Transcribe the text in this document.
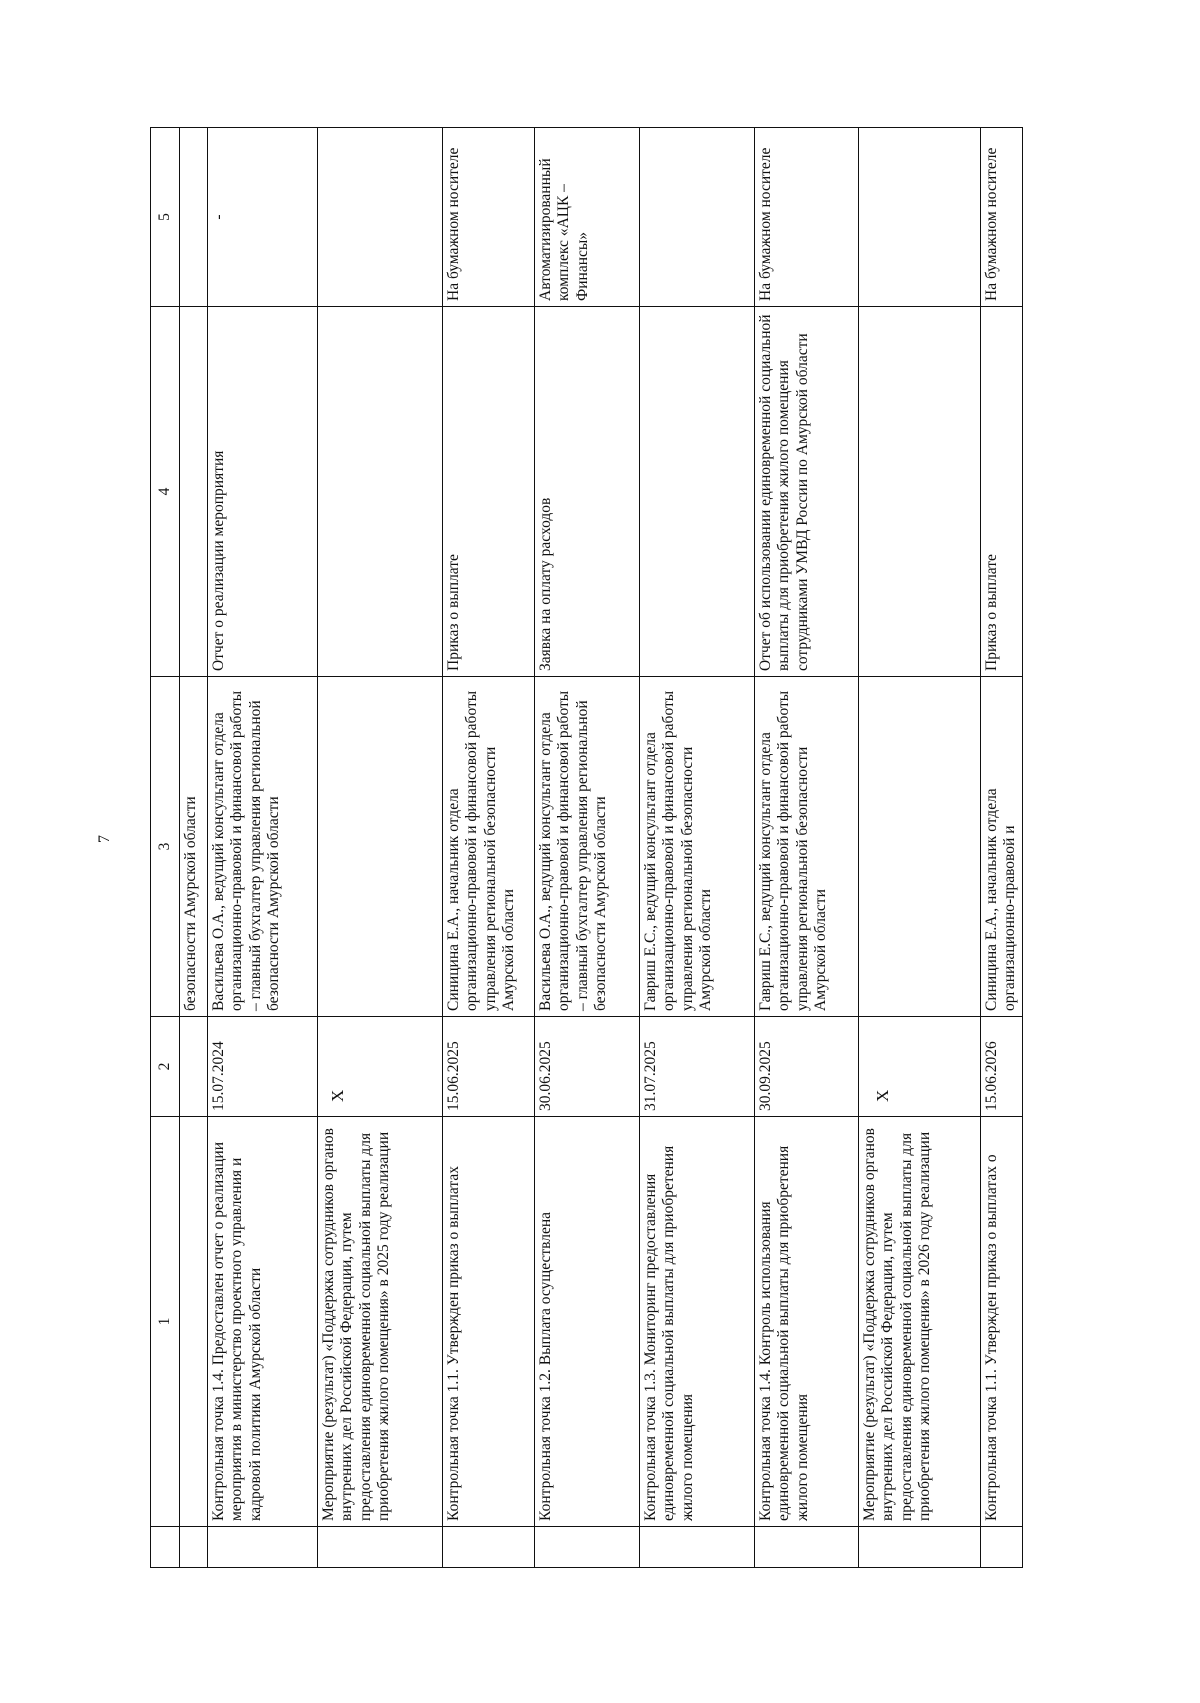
7
	1	2	3	4	5
			безопасности Амурской области		
	Контрольная точка 1.4. Предоставлен отчет о реализации мероприятия в министерство проектного управления и кадровой политики Амурской области	15.07.2024	Васильева О.А., ведущий консультант отдела организационно-правовой и финансовой работы – главный бухгалтер управления региональной безопасности Амурской области	Отчет о реализации мероприятия	-
	Мероприятие (результат) «Поддержка сотрудников органов внутренних дел Российской Федерации, путем предоставления единовременной социальной выплаты для приобретения жилого помещения» в 2025 году реализации	X			
	Контрольная точка 1.1. Утвержден приказ о выплатах	15.06.2025	Синицина Е.А., начальник отдела организационно-правовой и финансовой работы управления региональной безопасности Амурской области	Приказ о выплате	На бумажном носителе
	Контрольная точка 1.2. Выплата осуществлена	30.06.2025	Васильева О.А., ведущий консультант отдела организационно-правовой и финансовой работы – главный бухгалтер управления региональной безопасности Амурской области	Заявка на оплату расходов	Автоматизированный комплекс «АЦК –Финансы»
	Контрольная точка 1.3. Мониторинг предоставления единовременной социальной выплаты для приобретения жилого помещения	31.07.2025	Гавриш Е.С., ведущий консультант отдела организационно-правовой и финансовой работы управления региональной безопасности Амурской области		
	Контрольная точка 1.4. Контроль использования единовременной социальной выплаты для приобретения жилого помещения	30.09.2025	Гавриш Е.С., ведущий консультант отдела организационно-правовой и финансовой работы управления региональной безопасности Амурской области	Отчет об использовании единовременной социальной выплаты для приобретения жилого помещения сотрудниками УМВД России по Амурской области	На бумажном носителе
	Мероприятие (результат) «Поддержка сотрудников органов внутренних дел Российской Федерации, путем предоставления единовременной социальной выплаты для приобретения жилого помещения» в 2026 году реализации	X			
	Контрольная точка 1.1. Утвержден приказ о выплатах о	15.06.2026	Синицина Е.А., начальник отдела организационно-правовой и	Приказ о выплате	На бумажном носителе
